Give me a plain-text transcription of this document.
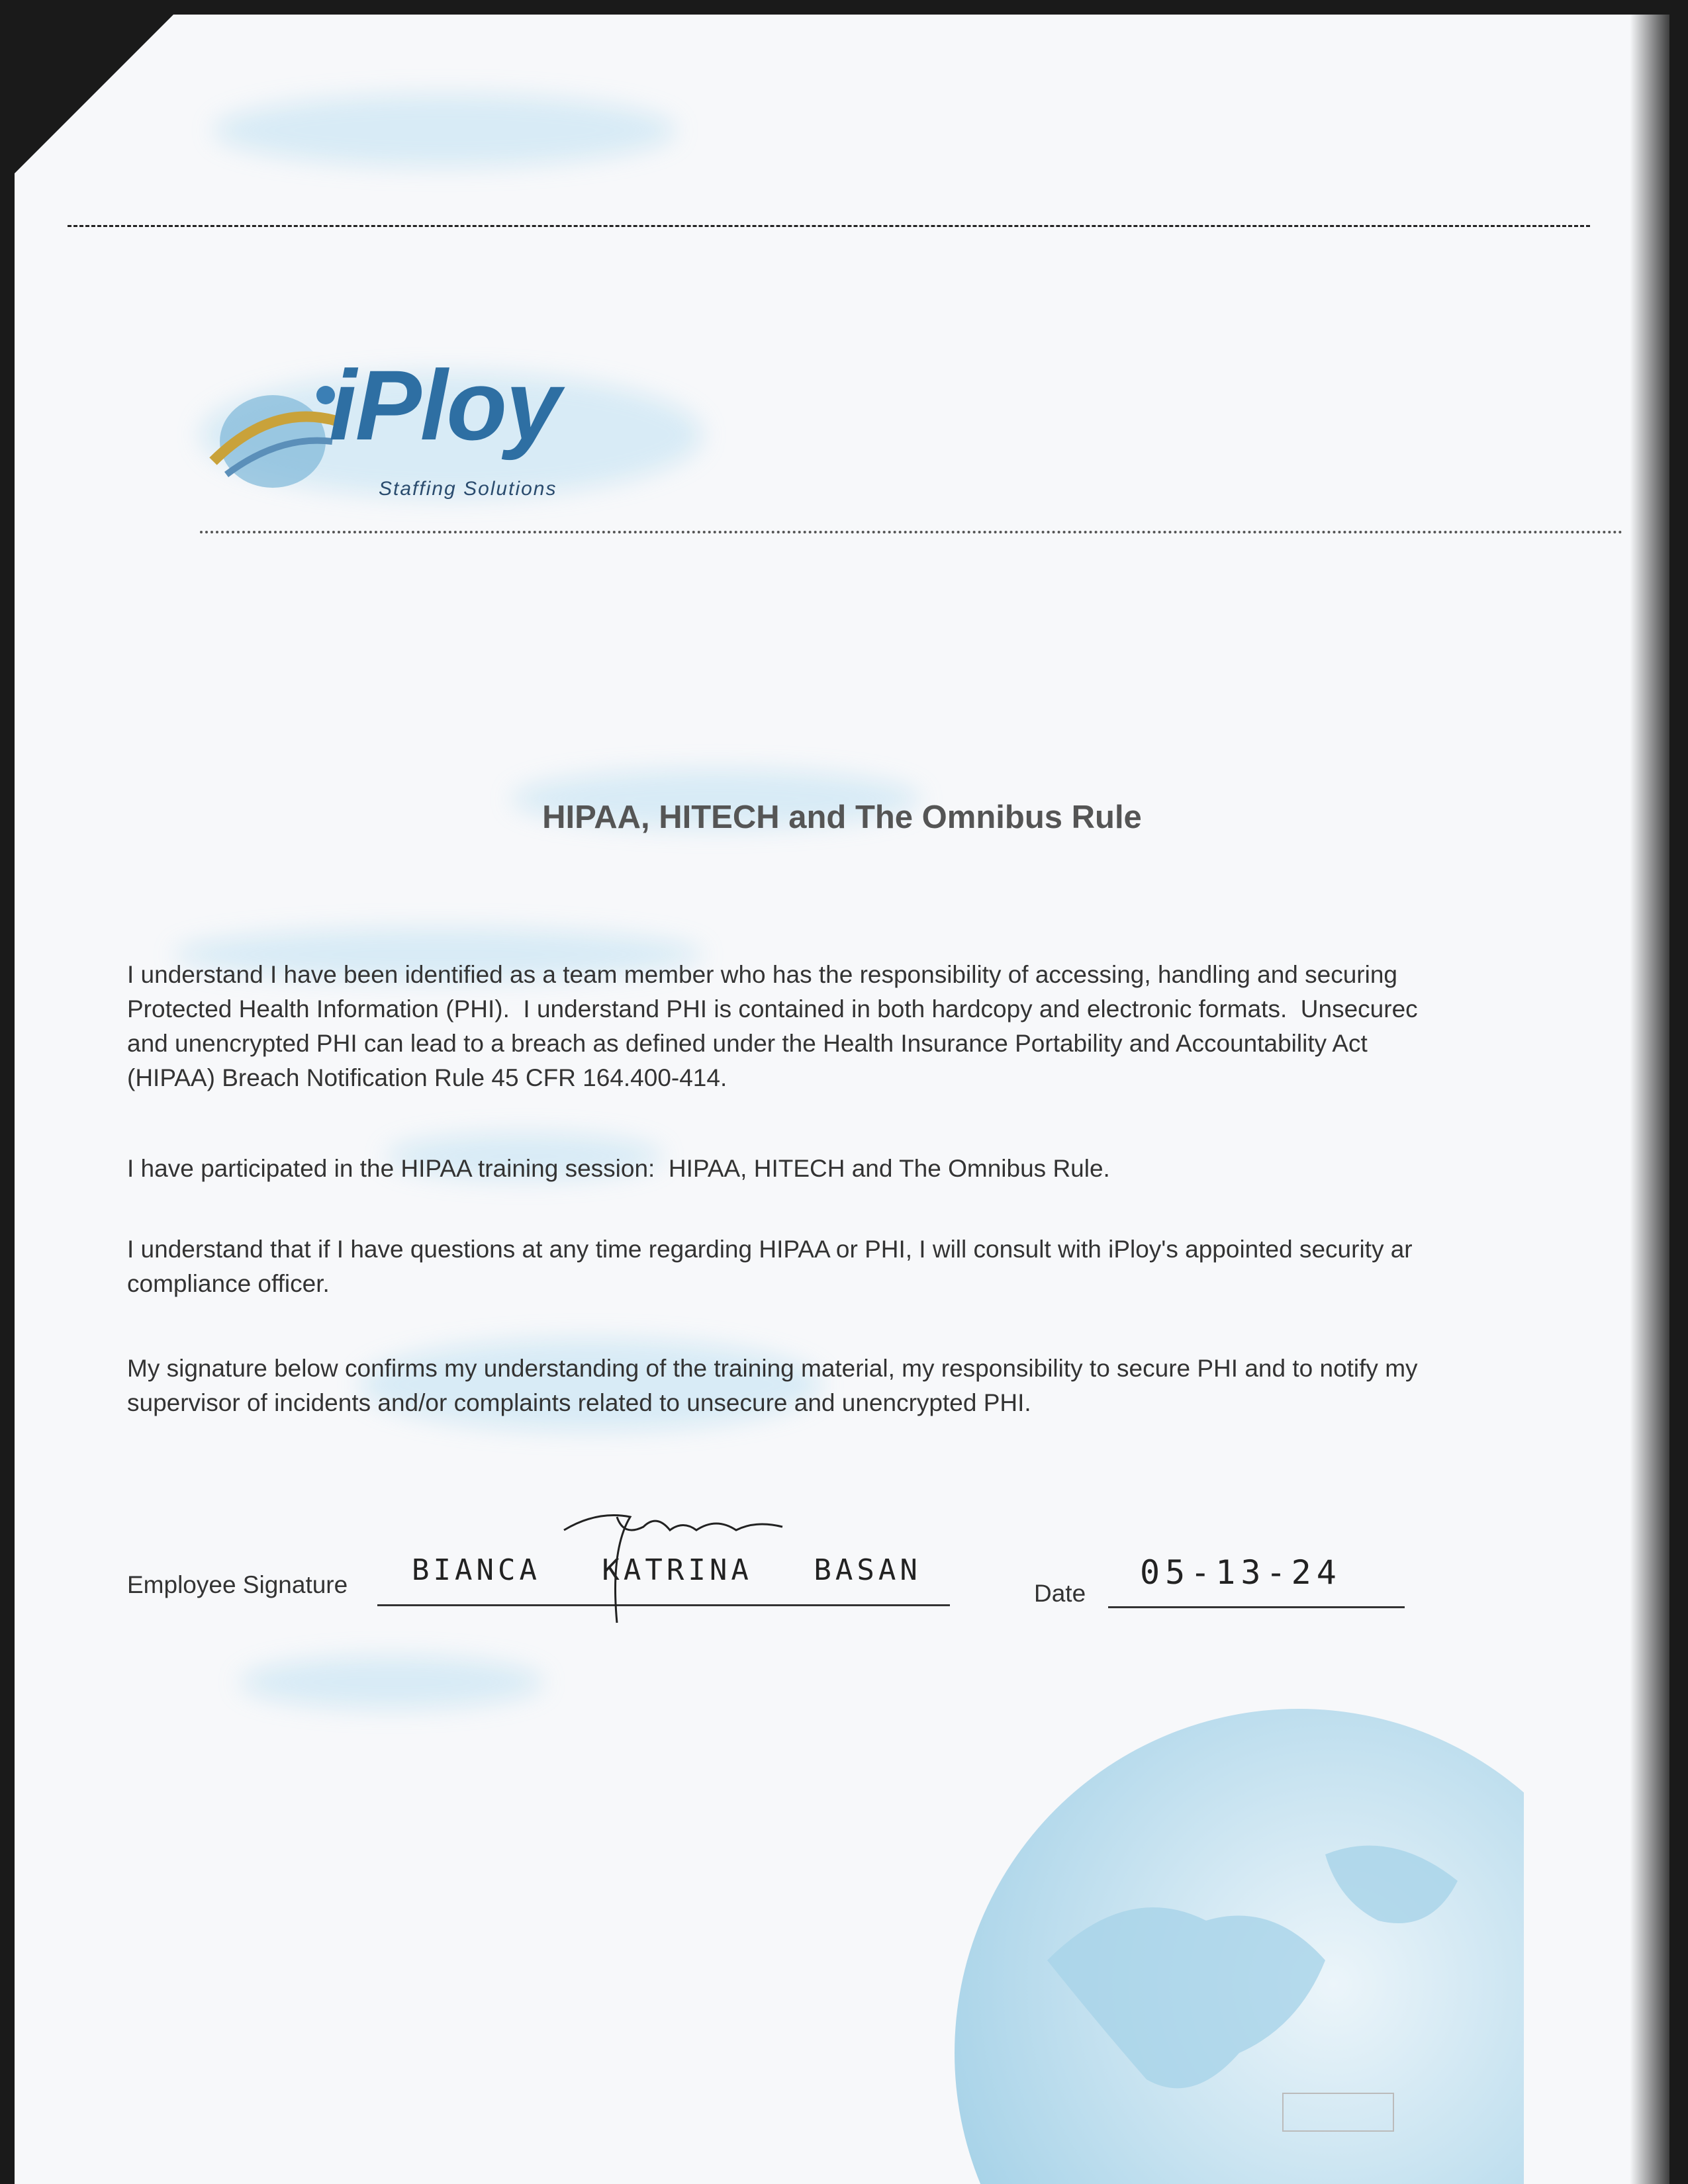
iPloy
Staffing Solutions
HIPAA, HITECH and The Omnibus Rule

I understand I have been identified as a team member who has the responsibility of accessing, handling and securing
Protected Health Information (PHI).  I understand PHI is contained in both hardcopy and electronic formats.  Unsecurec
and unencrypted PHI can lead to a breach as defined under the Health Insurance Portability and Accountability Act
(HIPAA) Breach Notification Rule 45 CFR 164.400-414.

I have participated in the HIPAA training session:  HIPAA, HITECH and The Omnibus Rule.

I understand that if I have questions at any time regarding HIPAA or PHI, I will consult with iPloy's appointed security ar
compliance officer.

My signature below confirms my understanding of the training material, my responsibility to secure PHI and to notify my
supervisor of incidents and/or complaints related to unsecure and unencrypted PHI.

Employee Signature BIANCA KATRINA BASAN
Date
05-13-24
